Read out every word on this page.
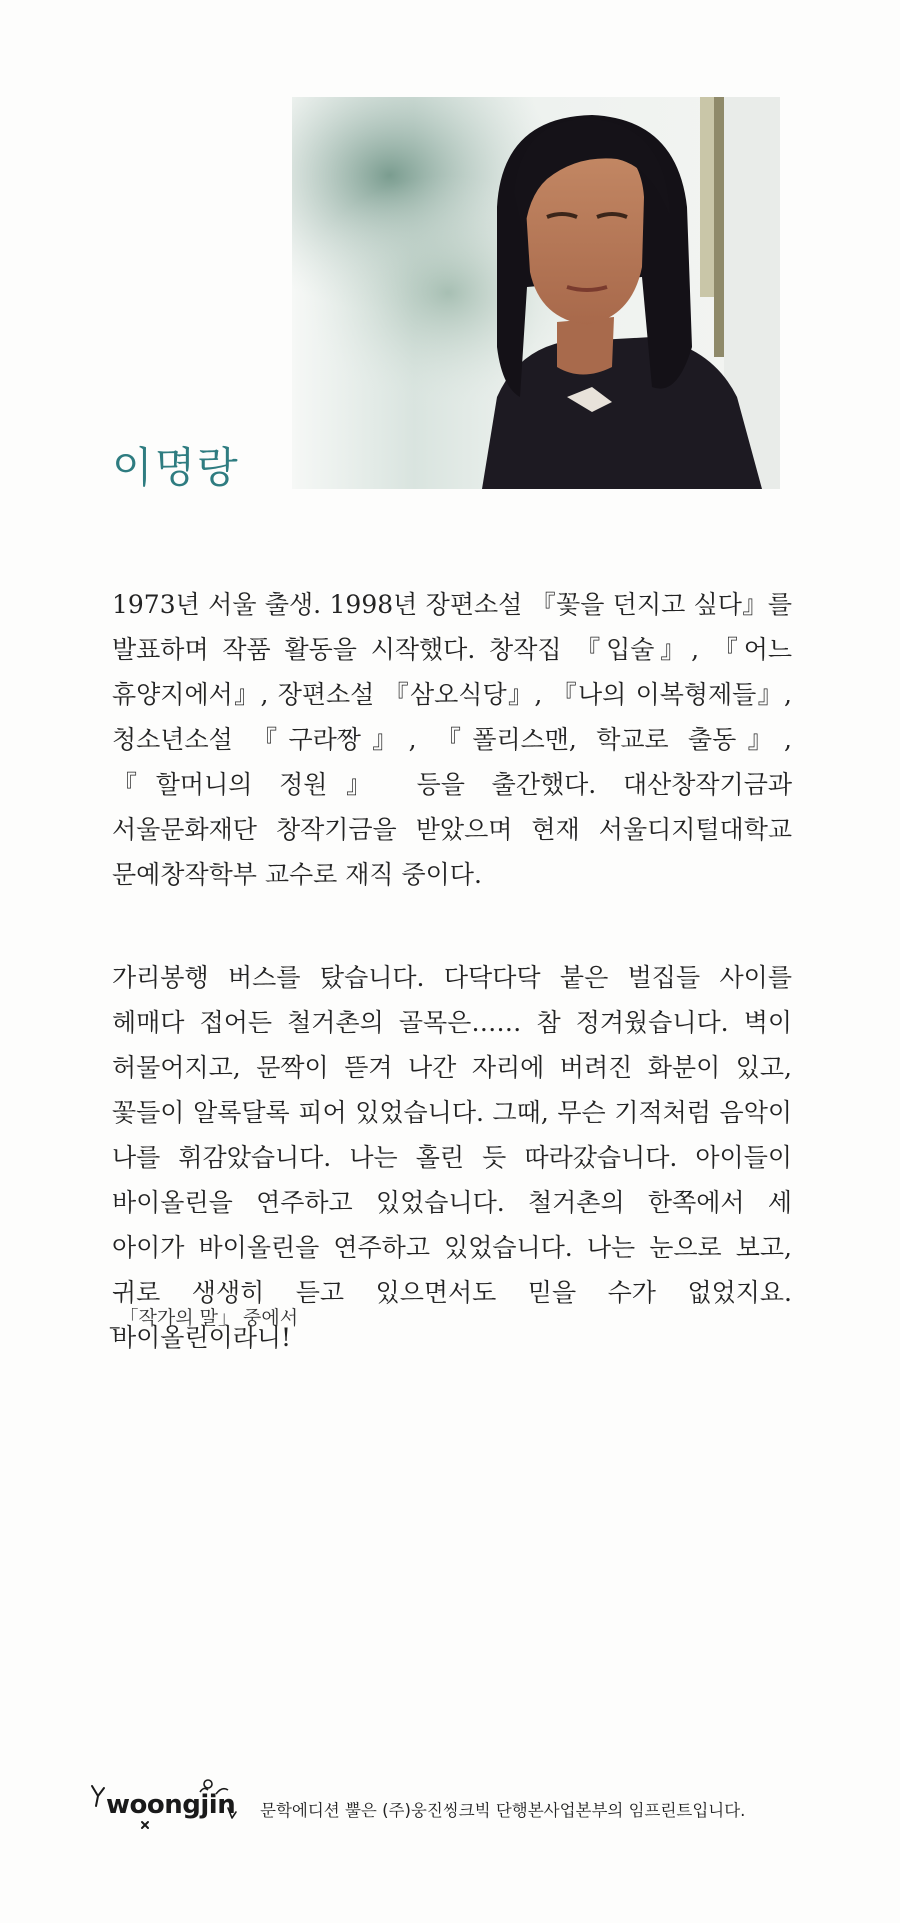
이명랑

1973년 서울 출생. 1998년 장편소설 『꽃을 던지고 싶다』를 발표하며 작품 활동을 시작했다. 창작집 『입술』, 『어느 휴양지에서』, 장편소설 『삼오식당』, 『나의 이복형제들』, 청소년소설 『구라짱』, 『폴리스맨, 학교로 출동』, 『할머니의 정원』 등을 출간했다. 대산창작기금과 서울문화재단 창작기금을 받았으며 현재 서울디지털대학교 문예창작학부 교수로 재직 중이다.

가리봉행 버스를 탔습니다. 다닥다닥 붙은 벌집들 사이를 헤매다 접어든 철거촌의 골목은…… 참 정겨웠습니다. 벽이 허물어지고, 문짝이 뜯겨 나간 자리에 버려진 화분이 있고, 꽃들이 알록달록 피어 있었습니다. 그때, 무슨 기적처럼 음악이 나를 휘감았습니다. 나는 홀린 듯 따라갔습니다. 아이들이 바이올린을 연주하고 있었습니다. 철거촌의 한쪽에서 세 아이가 바이올린을 연주하고 있었습니다. 나는 눈으로 보고, 귀로 생생히 듣고 있으면서도 믿을 수가 없었지요. 바이올린이라니!

_「작가의 말」 중에서

woongjin 문학에디션 뿔은 (주)웅진씽크빅 단행본사업본부의 임프린트입니다.
